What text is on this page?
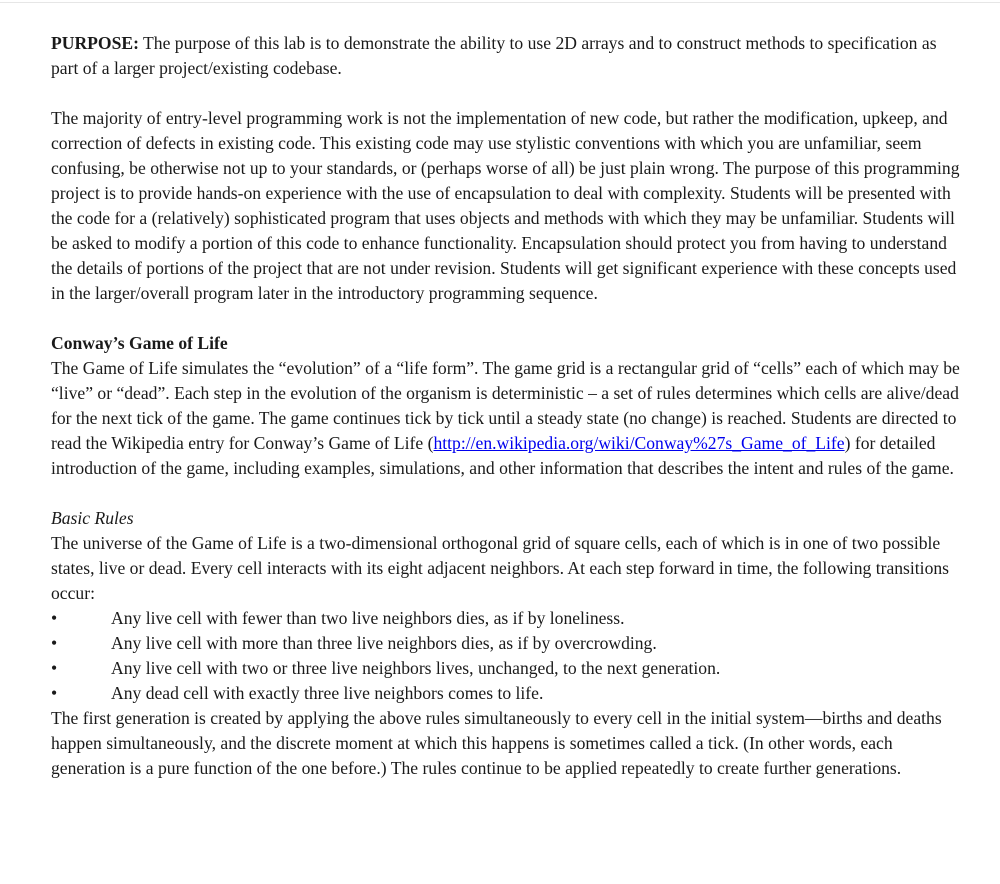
PURPOSE: The purpose of this lab is to demonstrate the ability to use 2D arrays and to construct methods to specification as part of a larger project/existing codebase.

The majority of entry-level programming work is not the implementation of new code, but rather the modification, upkeep, and correction of defects in existing code. This existing code may use stylistic conventions with which you are unfamiliar, seem confusing, be otherwise not up to your standards, or (perhaps worse of all) be just plain wrong. The purpose of this programming project is to provide hands-on experience with the use of encapsulation to deal with complexity. Students will be presented with the code for a (relatively) sophisticated program that uses objects and methods with which they may be unfamiliar. Students will be asked to modify a portion of this code to enhance functionality. Encapsulation should protect you from having to understand the details of portions of the project that are not under revision. Students will get significant experience with these concepts used in the larger/overall program later in the introductory programming sequence.

Conway’s Game of Life

The Game of Life simulates the “evolution” of a “life form”. The game grid is a rectangular grid of “cells” each of which may be “live” or “dead”. Each step in the evolution of the organism is deterministic – a set of rules determines which cells are alive/dead for the next tick of the game. The game continues tick by tick until a steady state (no change) is reached. Students are directed to read the Wikipedia entry for Conway’s Game of Life (http://en.wikipedia.org/wiki/Conway%27s_Game_of_Life) for detailed introduction of the game, including examples, simulations, and other information that describes the intent and rules of the game.

Basic Rules

The universe of the Game of Life is a two-dimensional orthogonal grid of square cells, each of which is in one of two possible states, live or dead. Every cell interacts with its eight adjacent neighbors. At each step forward in time, the following transitions occur:

•	Any live cell with fewer than two live neighbors dies, as if by loneliness.
•	Any live cell with more than three live neighbors dies, as if by overcrowding.
•	Any live cell with two or three live neighbors lives, unchanged, to the next generation.
•	Any dead cell with exactly three live neighbors comes to life.

The first generation is created by applying the above rules simultaneously to every cell in the initial system—births and deaths happen simultaneously, and the discrete moment at which this happens is sometimes called a tick. (In other words, each generation is a pure function of the one before.) The rules continue to be applied repeatedly to create further generations.
